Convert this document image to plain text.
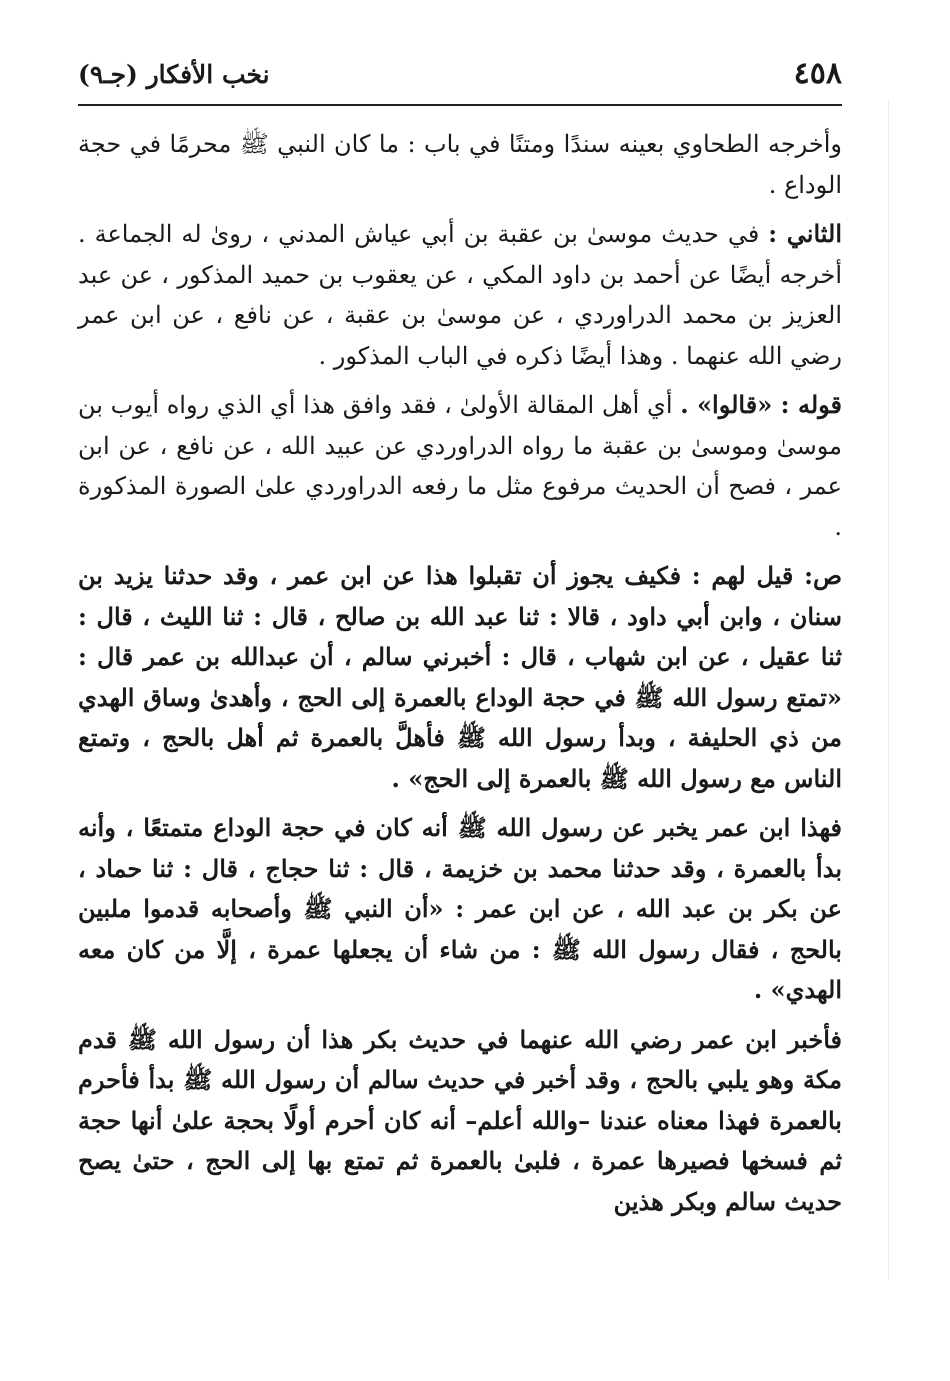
٤٥٨
نخب الأفكار (جـ٩)

وأخرجه الطحاوي بعينه سندًا ومتنًا في باب : ما كان النبي ﷺ محرمًا في حجة الوداع .

الثاني : في حديث موسىٰ بن عقبة بن أبي عياش المدني ، روىٰ له الجماعة . أخرجه أيضًا عن أحمد بن داود المكي ، عن يعقوب بن حميد المذكور ، عن عبد العزيز بن محمد الدراوردي ، عن موسىٰ بن عقبة ، عن نافع ، عن ابن عمر رضي الله عنهما . وهذا أيضًا ذكره في الباب المذكور .

قوله : «قالوا» . أي أهل المقالة الأولىٰ ، فقد وافق هذا أي الذي رواه أيوب بن موسىٰ وموسىٰ بن عقبة ما رواه الدراوردي عن عبيد الله ، عن نافع ، عن ابن عمر ، فصح أن الحديث مرفوع مثل ما رفعه الدراوردي علىٰ الصورة المذكورة .

ص: قيل لهم : فكيف يجوز أن تقبلوا هذا عن ابن عمر ، وقد حدثنا يزيد بن سنان ، وابن أبي داود ، قالا : ثنا عبد الله بن صالح ، قال : ثنا الليث ، قال : ثنا عقيل ، عن ابن شهاب ، قال : أخبرني سالم ، أن عبدالله بن عمر قال : «تمتع رسول الله ﷺ في حجة الوداع بالعمرة إلى الحج ، وأهدىٰ وساق الهدي من ذي الحليفة ، وبدأ رسول الله ﷺ فأهلَّ بالعمرة ثم أهل بالحج ، وتمتع الناس مع رسول الله ﷺ بالعمرة إلى الحج» .

فهذا ابن عمر يخبر عن رسول الله ﷺ أنه كان في حجة الوداع متمتعًا ، وأنه بدأ بالعمرة ، وقد حدثنا محمد بن خزيمة ، قال : ثنا حجاج ، قال : ثنا حماد ، عن بكر بن عبد الله ، عن ابن عمر : «أن النبي ﷺ وأصحابه قدموا ملبين بالحج ، فقال رسول الله ﷺ : من شاء أن يجعلها عمرة ، إلَّا من كان معه الهدي» .

فأخبر ابن عمر رضي الله عنهما في حديث بكر هذا أن رسول الله ﷺ قدم مكة وهو يلبي بالحج ، وقد أخبر في حديث سالم أن رسول الله ﷺ بدأ فأحرم بالعمرة فهذا معناه عندنا –والله أعلم– أنه كان أحرم أولًا بحجة علىٰ أنها حجة ثم فسخها فصيرها عمرة ، فلبىٰ بالعمرة ثم تمتع بها إلى الحج ، حتىٰ يصح حديث سالم وبكر هذين
